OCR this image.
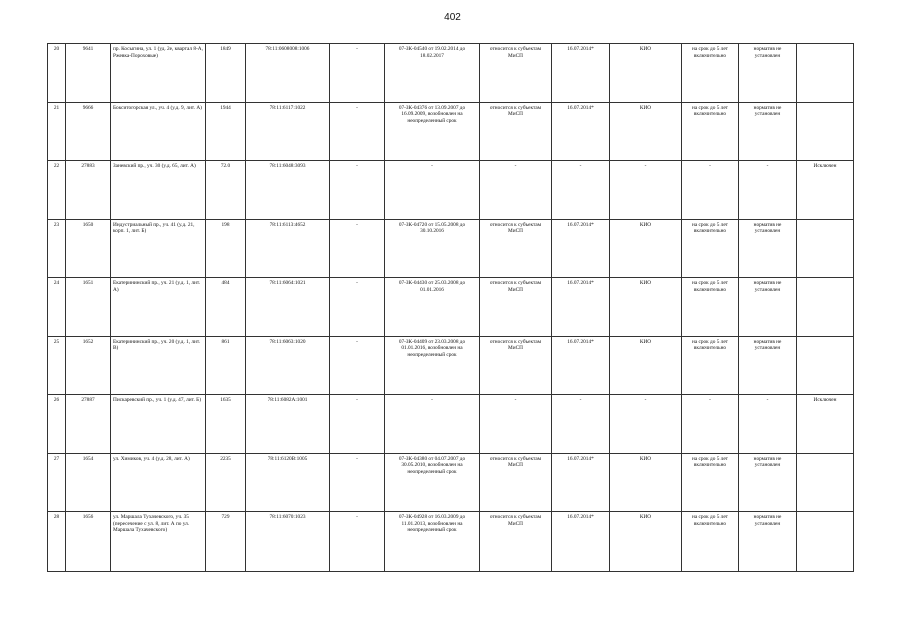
402
20	9641	пр. Косыгина, ул. 1 (уд. 2е, квартал 8-А, Ржевка-Пороховые)	1849	78:11:0608008:1006	-	07-ЗК-04540 от 19.02.2014 до 18.02.2017	относится к субъектам МиСП	16.07.2014*	КИО	на срок до 5 лет включительно	норматив не установлен	
21	9666	Бокситогорская ул., уч. 4 (у.д. 9, лит. А)	1944	78:11:6117:1022	-	07-ЗК-04376 от 13.09.2007 до 16.09.2009, возобновлен на неопределенный срок	относится к субъектам МиСП	16.07.2014*	КИО	на срок до 5 лет включительно	норматив не установлен	
22	27883	Заневский пр., уч. 30 (у.д. 65, лит. А)	72.0	78:11:6048:3093	-	-	-	-	-	-	-	Исключен
23	1650	Индустриальный пр., уч. 41 (у.д. 21, корп. 1, лит. Б)	198	78:11:6113:4652	-	07-ЗК-04720 от 15.05.2008 до 30.10.2016	относится к субъектам МиСП	16.07.2014*	КИО	на срок до 5 лет включительно	норматив не установлен	
24	1651	Екатерининский пр., уч. 21 (у.д. 1, лит. А)	484	78:11:6064:1021	-	07-ЗК-04430 от 25.03.2008 до 01.01.2016	относится к субъектам МиСП	16.07.2014*	КИО	на срок до 5 лет включительно	норматив не установлен	
25	1652	Екатерининский пр., уч. 20 (у.д. 1, лит. В)	861	78:11:6063:1020	-	07-ЗК-04409 от 23.03.2008 до 01.01.2016, возобновлен на неопределенный срок	относится к субъектам МиСП	16.07.2014*	КИО	на срок до 5 лет включительно	норматив не установлен	
26	27887	Пискаревский пр., уч. 1 (у.д. 47, лит. Б)	1635	78:11:6082А:1001	-	-	-	-	-	-	-	Исключен
27	1654	ул. Химиков, уч. 4 (у.д. 28, лит. А)	2235	78:11:6120В:1005	-	07-ЗК-04380 от 04.07.2007 до 30.05.2010, возобновлен на неопределенный срок	относится к субъектам МиСП	16.07.2014*	КИО	на срок до 5 лет включительно	норматив не установлен	
28	1656	ул. Маршала Тухачевского, уч. 35 (пересечение с ул. 8, лит. А по ул. Маршала Тухачевского)	729	78:11:6070:1023	-	07-ЗК-04928 от 16.03.2009 до 11.01.2013, возобновлен на неопределенный срок	относится к субъектам МиСП	16.07.2014*	КИО	на срок до 5 лет включительно	норматив не установлен	
